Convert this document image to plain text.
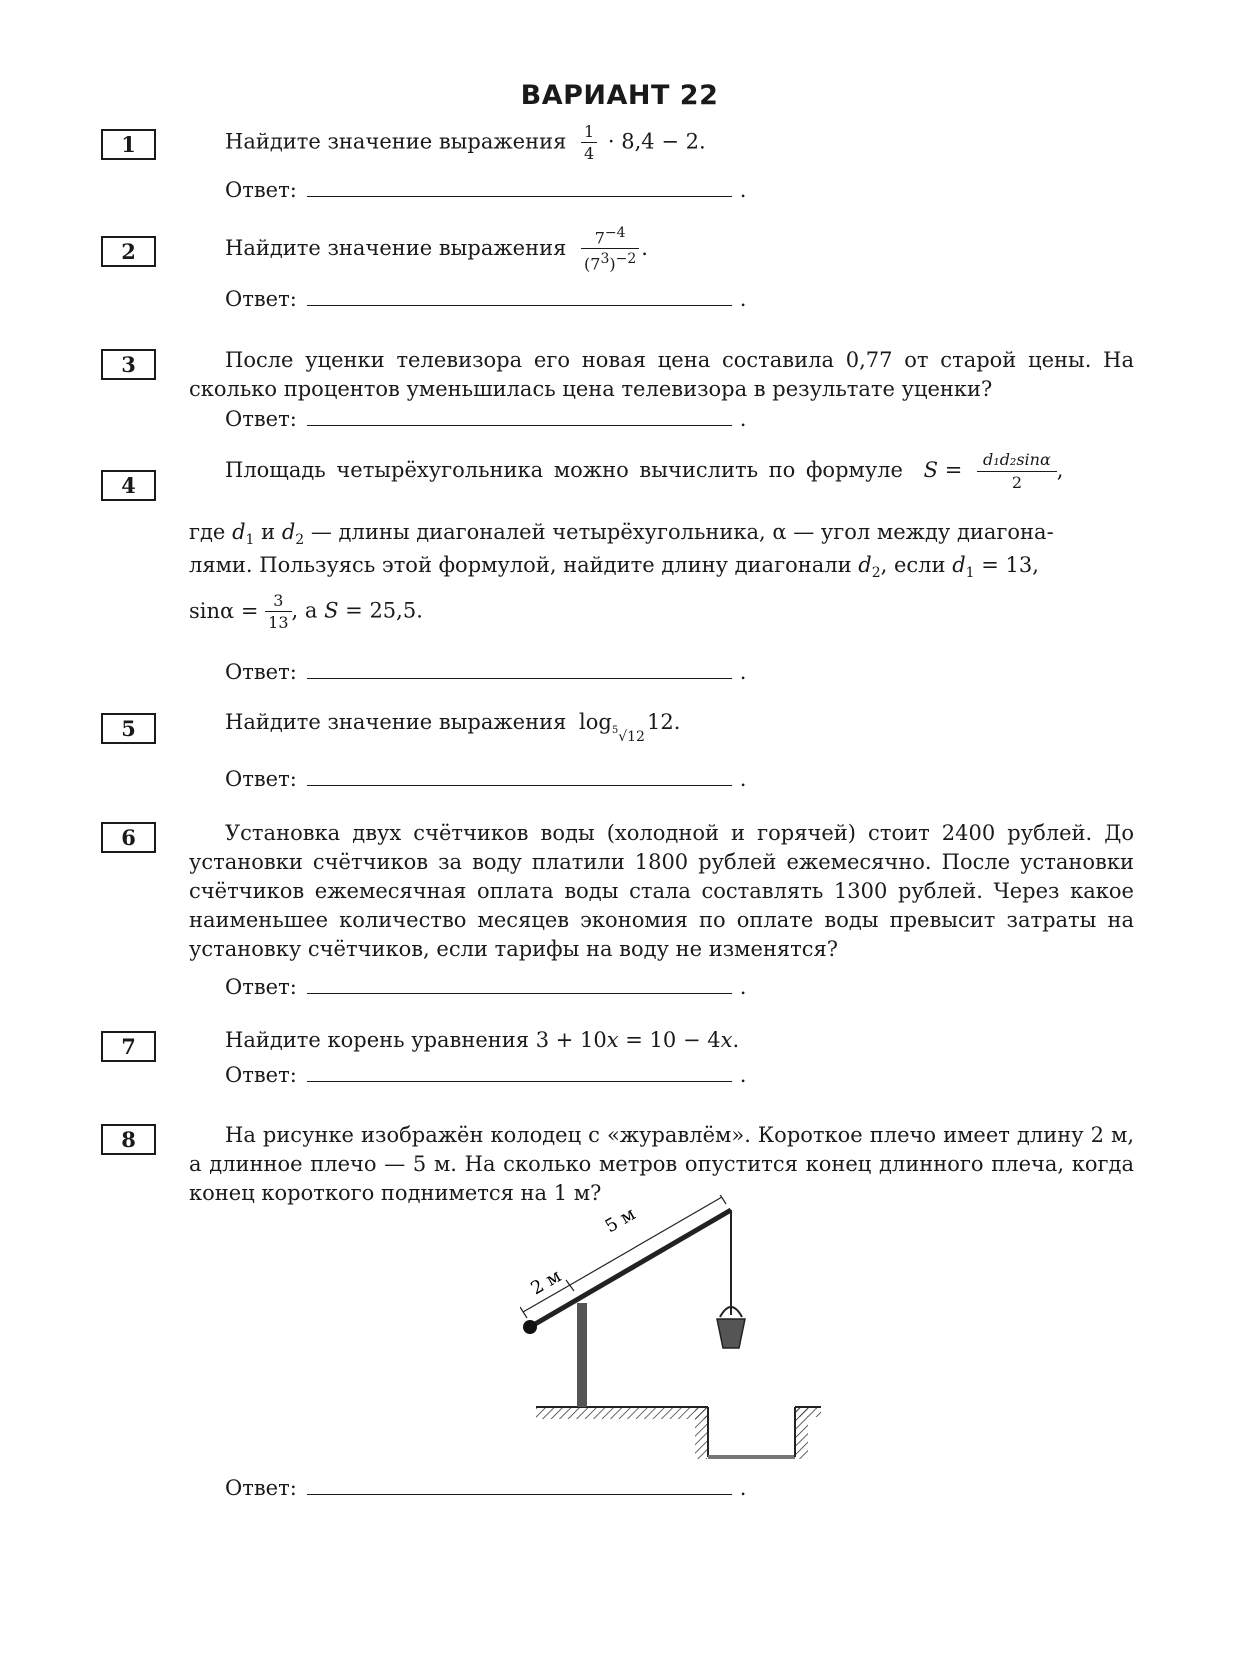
ВАРИАНТ 22
1	Найдите значение выражения $\frac{1}{4} \cdot 8,4 - 2$.
Ответ:	.
2	Найдите значение выражения $\frac{7^{-4}}{(7^3)^{-2}}$ .
Ответ:	.
3	После уценки телевизора его новая цена составила 0,77 от старой цены. На сколько процентов уменьшилась цена телевизора в результате уценки?

Ответ:	.
4
Площадь четырёхугольника можно вычислить по формуле $S = \frac{\text{d₁d₂sinα}}{2}$ ,
где $d_1$ и $d_2$ — длины диагоналей четырёхугольника, α — угол между диагона-
лями. Пользуясь этой формулой, найдите длину диагонали $d_2$, если $d_1 = 13$,
$\sin\alpha = \frac{3}{13}$ , а S = 25,5.
Ответ:	.
5	Найдите значение выражения $\log_{^5√12}12$.
Ответ:	.
6	Установка двух счётчиков воды (холодной и горячей) стоит 2400 рублей. До установки счётчиков за воду платили 1800 рублей ежемесячно. После установки счётчиков ежемесячная оплата воды стала составлять 1300 рублей. Через какое наименьшее количество месяцев экономия по оплате воды превысит затраты на установку счётчиков, если тарифы на воду не изменятся?

Ответ:	.
7	Найдите корень уравнения 3 + 10x = 10 − 4x.
Ответ:	.
8	На рисунке изображён колодец с «журавлём». Короткое плечо имеет длину 2 м, а длинное плечо — 5 м. На сколько метров опустится конец длинного плеча, когда конец короткого поднимется на 1 м?

2 м
5 м
Ответ:	.
